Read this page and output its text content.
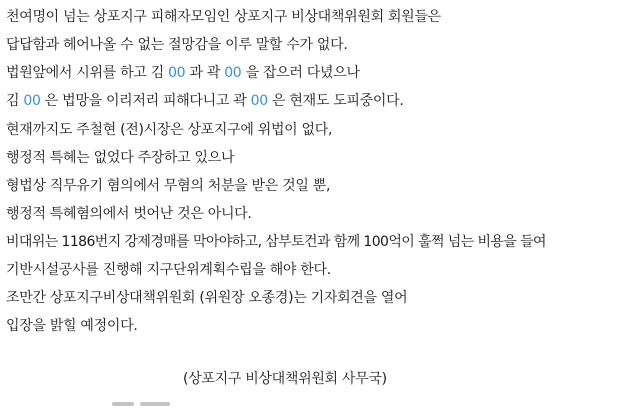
천여명이 넘는 상포지구 피해자모임인 상포지구 비상대책위원회 회원들은
답답함과 헤어나올 수 없는 절망감을 이루 말할 수가 없다.
법원앞에서 시위를 하고 김 00 과 곽 00 을 잡으러 다녔으나
김 00 은 법망을 이리저리 피해다니고 곽 00 은 현재도 도피중이다.
현재까지도 주철현 (전)시장은 상포지구에 위법이 없다,
행정적 특혜는 없었다 주장하고 있으나
형법상 직무유기 혐의에서 무혐의 처분을 받은 것일 뿐,
행정적 특혜혐의에서 벗어난 것은 아니다.
비대위는 1186번지 강제경매를 막아야하고, 삼부토건과 함께 100억이 훌쩍 넘는 비용을 들여
기반시설공사를 진행해 지구단위계획수립을 해야 한다.
조만간 상포지구비상대책위원회 (위원장 오종경)는 기자회견을 열어
입장을 밝힐 예정이다.
(상포지구 비상대책위원회 사무국)
